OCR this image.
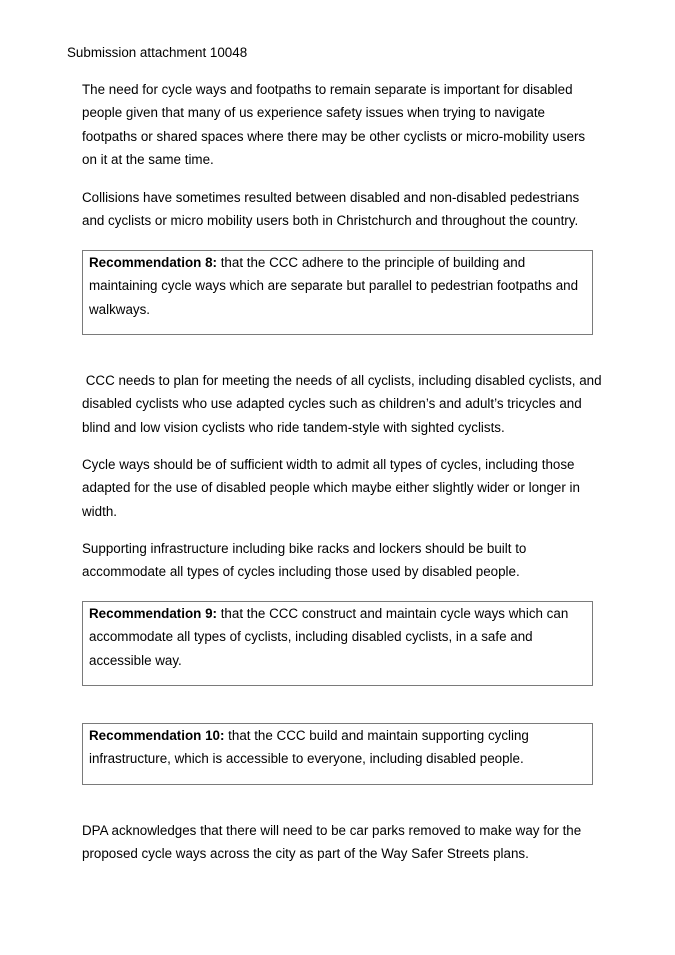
Submission attachment 10048

The need for cycle ways and footpaths to remain separate is important for disabled people given that many of us experience safety issues when trying to navigate footpaths or shared spaces where there may be other cyclists or micro-mobility users on it at the same time.

Collisions have sometimes resulted between disabled and non-disabled pedestrians and cyclists or micro mobility users both in Christchurch and throughout the country.

Recommendation 8: that the CCC adhere to the principle of building and maintaining cycle ways which are separate but parallel to pedestrian footpaths and walkways.

CCC needs to plan for meeting the needs of all cyclists, including disabled cyclists, and disabled cyclists who use adapted cycles such as children’s and adult’s tricycles and blind and low vision cyclists who ride tandem-style with sighted cyclists.

Cycle ways should be of sufficient width to admit all types of cycles, including those adapted for the use of disabled people which maybe either slightly wider or longer in width.

Supporting infrastructure including bike racks and lockers should be built to accommodate all types of cycles including those used by disabled people.

Recommendation 9: that the CCC construct and maintain cycle ways which can accommodate all types of cyclists, including disabled cyclists, in a safe and accessible way.

Recommendation 10: that the CCC build and maintain supporting cycling infrastructure, which is accessible to everyone, including disabled people.

DPA acknowledges that there will need to be car parks removed to make way for the proposed cycle ways across the city as part of the Way Safer Streets plans.
